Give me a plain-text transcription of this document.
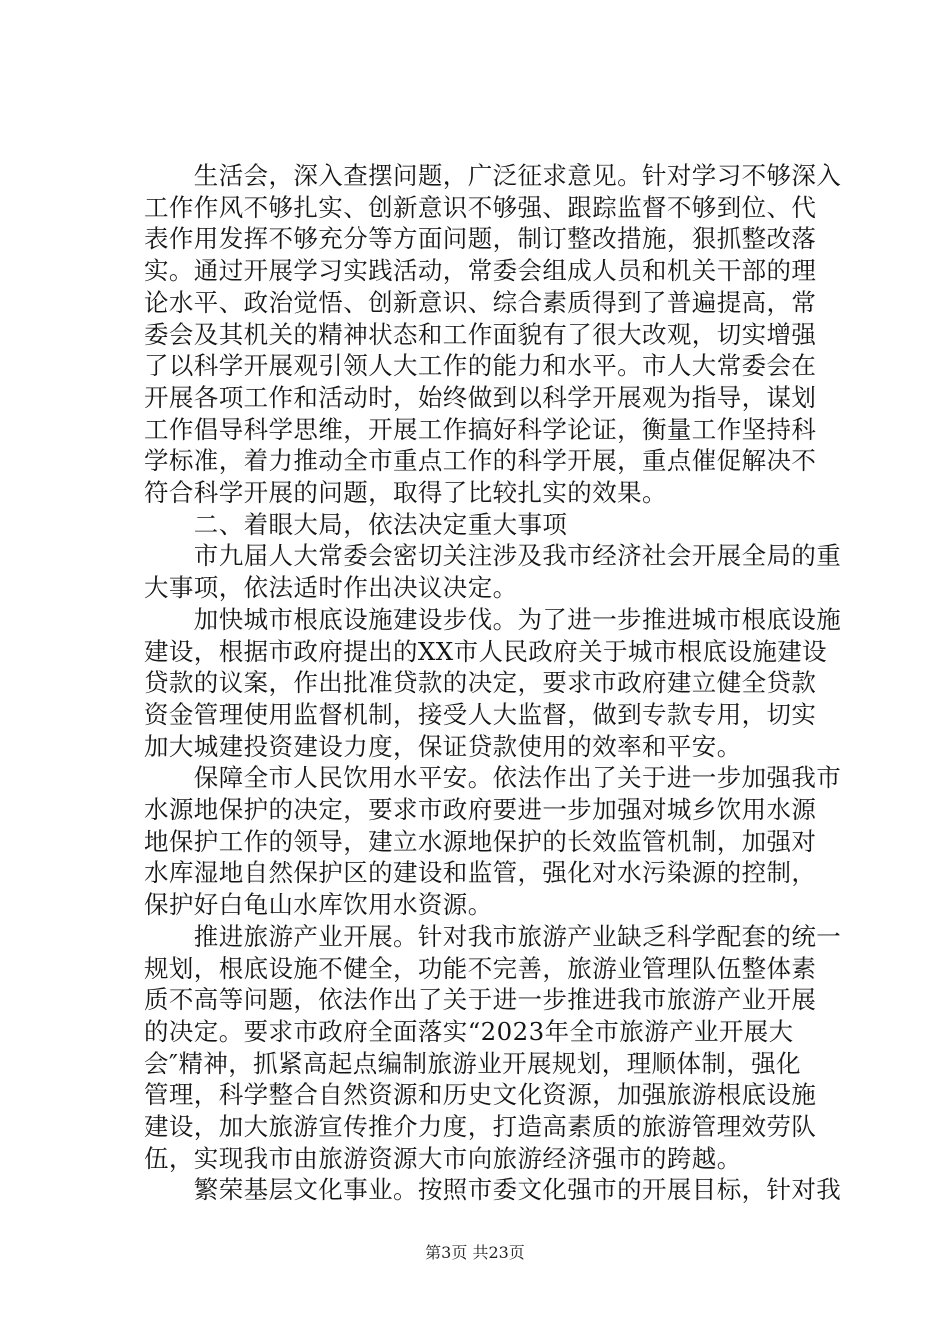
　　生活会，深入查摆问题，广泛征求意见。针对学习不够深入
工作作风不够扎实、创新意识不够强、跟踪监督不够到位、代
表作用发挥不够充分等方面问题，制订整改措施，狠抓整改落
实。通过开展学习实践活动，常委会组成人员和机关干部的理
论水平、政治觉悟、创新意识、综合素质得到了普遍提高，常
委会及其机关的精神状态和工作面貌有了很大改观，切实增强
了以科学开展观引领人大工作的能力和水平。市人大常委会在
开展各项工作和活动时，始终做到以科学开展观为指导，谋划
工作倡导科学思维，开展工作搞好科学论证，衡量工作坚持科
学标准，着力推动全市重点工作的科学开展，重点催促解决不
符合科学开展的问题，取得了比较扎实的效果。
　　二、着眼大局，依法决定重大事项
　　市九届人大常委会密切关注涉及我市经济社会开展全局的重
大事项，依法适时作出决议决定。
　　加快城市根底设施建设步伐。为了进一步推进城市根底设施
建设，根据市政府提出的XX市人民政府关于城市根底设施建设
贷款的议案，作出批准贷款的决定，要求市政府建立健全贷款
资金管理使用监督机制，接受人大监督，做到专款专用，切实
加大城建投资建设力度，保证贷款使用的效率和平安。
　　保障全市人民饮用水平安。依法作出了关于进一步加强我市
水源地保护的决定，要求市政府要进一步加强对城乡饮用水源
地保护工作的领导，建立水源地保护的长效监管机制，加强对
水库湿地自然保护区的建设和监管，强化对水污染源的控制，
保护好白龟山水库饮用水资源。
　　推进旅游产业开展。针对我市旅游产业缺乏科学配套的统一
规划，根底设施不健全，功能不完善，旅游业管理队伍整体素
质不高等问题，依法作出了关于进一步推进我市旅游产业开展
的决定。要求市政府全面落实“2023年全市旅游产业开展大
会″精神，抓紧高起点编制旅游业开展规划，理顺体制，强化
管理，科学整合自然资源和历史文化资源，加强旅游根底设施
建设，加大旅游宣传推介力度，打造高素质的旅游管理效劳队
伍，实现我市由旅游资源大市向旅游经济强市的跨越。
　　繁荣基层文化事业。按照市委文化强市的开展目标，针对我
第3页 共23页
